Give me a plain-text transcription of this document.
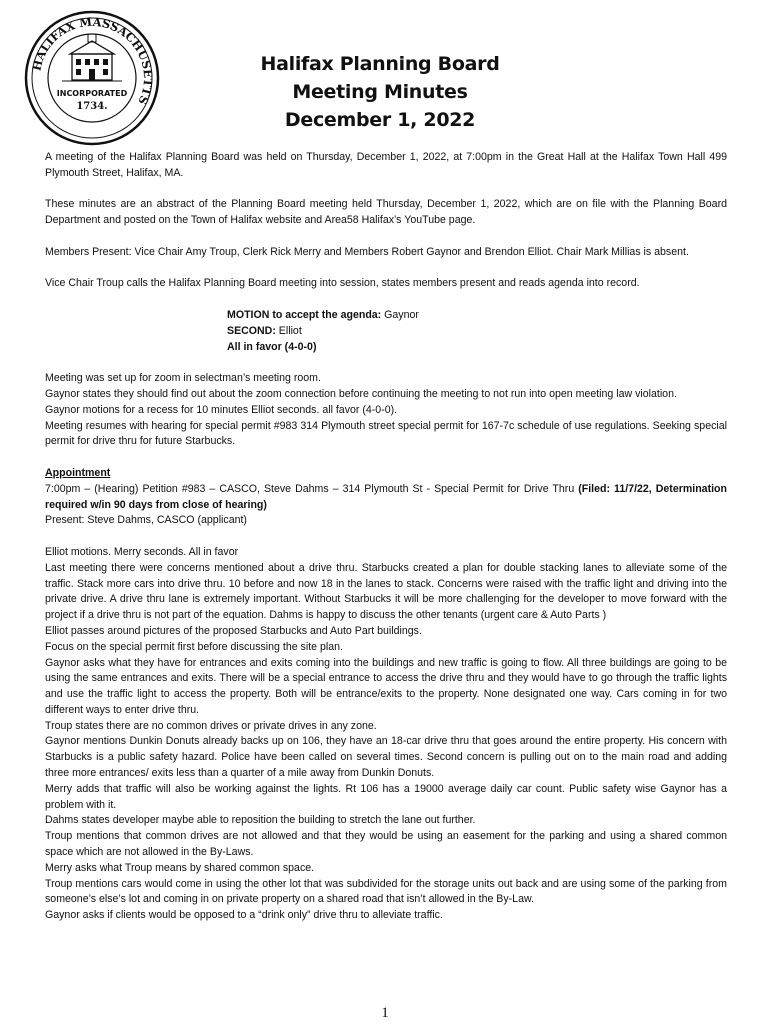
HALIFAX MASSACHUSETTS
INCORPORATED
1734.
Halifax Planning Board
Meeting Minutes
December 1, 2022

A meeting of the Halifax Planning Board was held on Thursday, December 1, 2022, at 7:00pm in the Great Hall at the Halifax Town Hall 499 Plymouth Street, Halifax, MA.

These minutes are an abstract of the Planning Board meeting held Thursday, December 1, 2022, which are on file with the Planning Board Department and posted on the Town of Halifax website and Area58 Halifax’s YouTube page.

Members Present: Vice Chair Amy Troup, Clerk Rick Merry and Members Robert Gaynor and Brendon Elliot. Chair Mark Millias is absent.

Vice Chair Troup calls the Halifax Planning Board meeting into session, states members present and reads agenda into record.

MOTION to accept the agenda: Gaynor
SECOND: Elliot
All in favor (4-0-0)

Meeting was set up for zoom in selectman’s meeting room.
Gaynor states they should find out about the zoom connection before continuing the meeting to not run into open meeting law violation.
Gaynor motions for a recess for 10 minutes Elliot seconds. all favor (4-0-0).
Meeting resumes with hearing for special permit #983 314 Plymouth street special permit for 167-7c schedule of use regulations. Seeking special permit for drive thru for future Starbucks.

Appointment
7:00pm – (Hearing) Petition #983 – CASCO, Steve Dahms – 314 Plymouth St - Special Permit for Drive Thru (Filed: 11/7/22, Determination required w/in 90 days from close of hearing)
Present: Steve Dahms, CASCO (applicant)

Elliot motions. Merry seconds. All in favor
Last meeting there were concerns mentioned about a drive thru. Starbucks created a plan for double stacking lanes to alleviate some of the traffic. Stack more cars into drive thru. 10 before and now 18 in the lanes to stack. Concerns were raised with the traffic light and driving into the private drive. A drive thru lane is extremely important. Without Starbucks it will be more challenging for the developer to move forward with the project if a drive thru is not part of the equation. Dahms is happy to discuss the other tenants (urgent care & Auto Parts )
Elliot passes around pictures of the proposed Starbucks and Auto Part buildings.
Focus on the special permit first before discussing the site plan.
Gaynor asks what they have for entrances and exits coming into the buildings and new traffic is going to flow. All three buildings are going to be using the same entrances and exits. There will be a special entrance to access the drive thru and they would have to go through the traffic lights and use the traffic light to access the property. Both will be entrance/exits to the property. None designated one way. Cars coming in for two different ways to enter drive thru.
Troup states there are no common drives or private drives in any zone.
Gaynor mentions Dunkin Donuts already backs up on 106, they have an 18-car drive thru that goes around the entire property. His concern with Starbucks is a public safety hazard. Police have been called on several times. Second concern is pulling out on to the main road and adding three more entrances/ exits less than a quarter of a mile away from Dunkin Donuts.
Merry adds that traffic will also be working against the lights. Rt 106 has a 19000 average daily car count. Public safety wise Gaynor has a problem with it.
Dahms states developer maybe able to reposition the building to stretch the lane out further.
Troup mentions that common drives are not allowed and that they would be using an easement for the parking and using a shared common space which are not allowed in the By-Laws.
Merry asks what Troup means by shared common space.
Troup mentions cars would come in using the other lot that was subdivided for the storage units out back and are using some of the parking from someone’s else’s lot and coming in on private property on a shared road that isn’t allowed in the By-Law.
Gaynor asks if clients would be opposed to a “drink only” drive thru to alleviate traffic.
1
